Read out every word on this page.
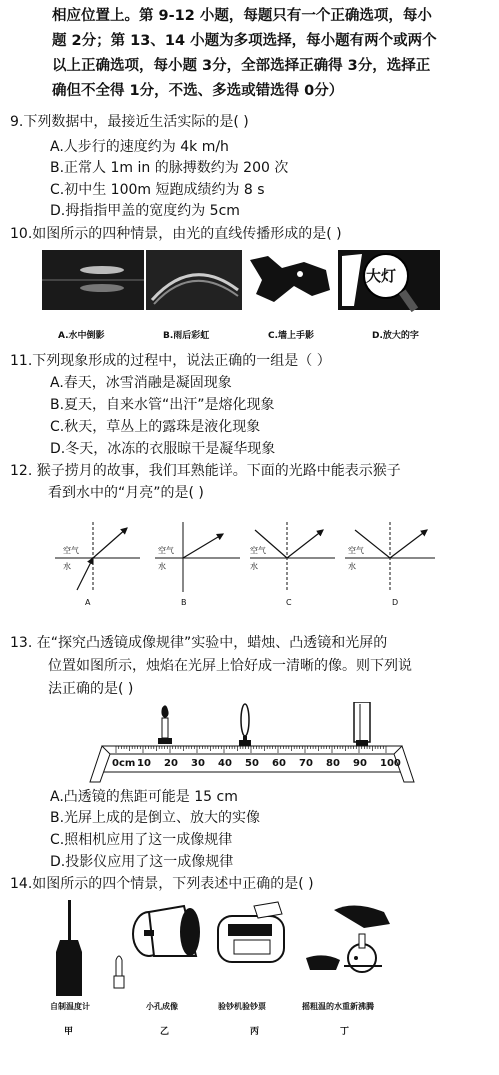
相应位置上。第 9-12 小题，每题只有一个正确选项，每小
题 2分；第 13、14 小题为多项选择，每小题有两个或两个
以上正确选项，每小题 3分，全部选择正确得 3分，选择正
确但不全得 1分，不选、多选或错选得 0分）
9.下列数据中，最接近生活实际的是( )
A.人步行的速度约为 4k m/h
B.正常人 1m in 的脉搏数约为 200 次
C.初中生 100m 短跑成绩约为 8 s
D.拇指指甲盖的宽度约为 5cm
10.如图所示的四种情景，由光的直线传播形成的是( )
大灯
A.水中倒影	B.雨后彩虹	C.墙上手影	D.放大的字
11.下列现象形成的过程中，说法正确的一组是（ ）
A.春天，冰雪消融是凝固现象
B.夏天，自来水管“出汗”是熔化现象
C.秋天，草丛上的露珠是液化现象
D.冬天，冰冻的衣服晾干是凝华现象
12. 猴子捞月的故事，我们耳熟能详。下面的光路中能表示猴子
看到水中的“月亮”的是( )
空气
水
空气
水
空气
水
空气
水
A	B	C	D
13. 在“探究凸透镜成像规律”实验中，蜡烛、凸透镜和光屏的
位置如图所示，烛焰在光屏上恰好成一清晰的像。则下列说
法正确的是( )
0cm 10 20 30 40 50 60 70 80 90 100
A.凸透镜的焦距可能是 15 cm
B.光屏上成的是倒立、放大的实像
C.照相机应用了这一成像规律
D.投影仪应用了这一成像规律
14.如图所示的四个情景，下列表述中正确的是( )
自制温度计	小孔成像	验钞机验钞票	摇粗温的水重新沸腾
甲	乙	丙	丁
